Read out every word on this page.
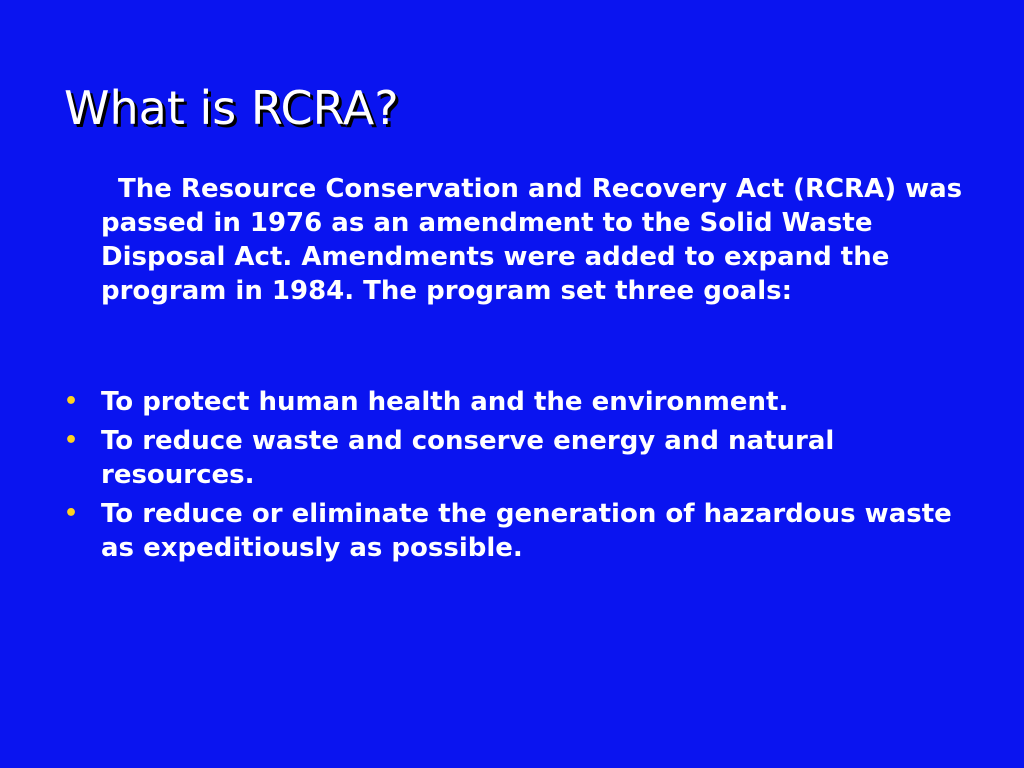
What is RCRA?

The Resource Conservation and Recovery Act (RCRA) was passed in 1976 as an amendment to the Solid Waste Disposal Act. Amendments were added to expand the program in 1984. The program set three goals:

• To protect human health and the environment.
• To reduce waste and conserve energy and natural resources.
• To reduce or eliminate the generation of hazardous waste as expeditiously as possible.
